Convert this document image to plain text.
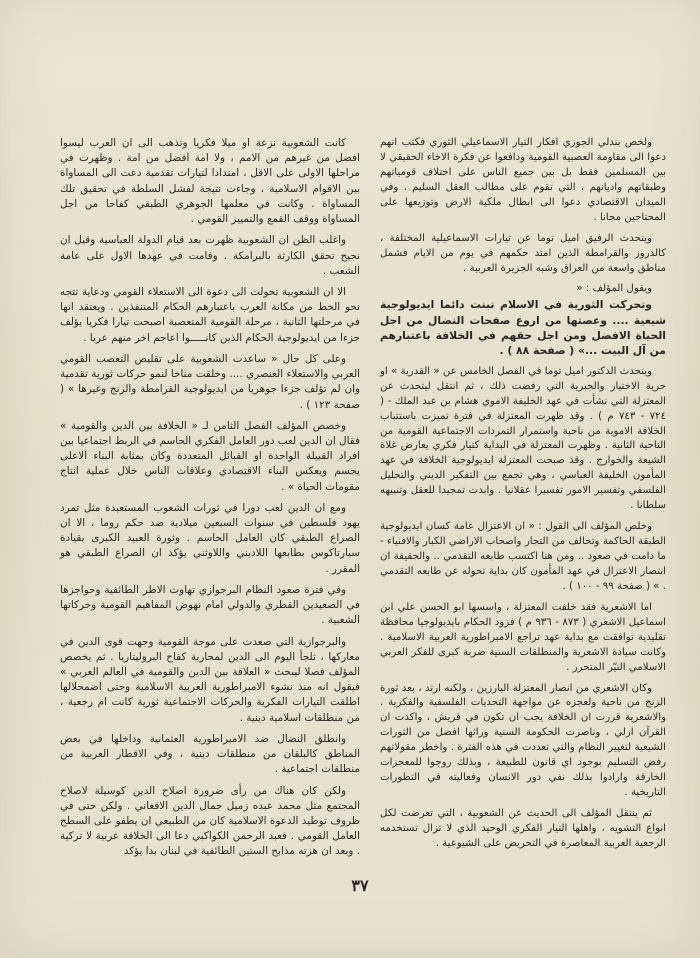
ولخص بندلي الجوزي افكار التيار الاسماعيلي الثوري فكتب انهم دعوا الى مقاومة العصبية القومية ودافعوا عن فكرة الاخاء الحقيقي لا بين المسلمين فقط بل بين جميع الناس على اختلاف قومياتهم وطبقاتهم واديانهم ، التي تقوم على مطالب العقل السليم . وفي الميدان الاقتصادي دعوا الى ابطال ملكية الارض وتوزيعها على المحتاجين مجانا .

ويتحدث الرفيق اميل توما عن تيارات الاسماعيلية المختلفة ، كالدروز والقرامطة الذين امتد حكمهم في يوم من الايام فشمل مناطق واسعة من العراق وشبه الجزيرة العربية .

ويقول المؤلف : «

وتحركت الثورية في الاسلام تبنت دائما ايديولوجية شيعية .... وعصتها من اروع صفحات النضال من اجل الحياة الافضل ومن اجل حقهم في الخلافة باعتبارهم من آل البيت ...» ( صفحة ٨٨ ) .

ويتحدث الدكتور اميل توما في الفصل الخامس عن « القدرية » او حرية الاختيار والجبرية التي رفضت ذلك ، ثم انتقل ليتحدث عن المعتزلة التي نشأت في عهد الخليفة الاموي هشام بن عبد الملك - ( ٧٢٤ - ٧٤٣ م ) . وقد ظهرت المعتزلة في فترة تميزت باستتباب الخلافة الاموية من ناحية واستمرار التمردات الاجتماعية القومية من الناحية الثانية . وظهرت المعتزلة في البداية كتيار فكري يعارض غلاة الشيعة والخوارج . وقد صبحت المعتزلة ايديولوجية الخلافة في عهد المأمون الخليفة العباسي ، وهي تجمع بين التفكير الديني والتحليل الفلسفي وتفسير الامور تفسيرا عقلانيا . وابدت تمجيدا للعقل وتنبيهه سلطانا .

وخلص المؤلف الى القول : « ان الاعتزال عامة كسان ايديولوجية الطبقة الحاكمة وتحالف من التجار واصحاب الاراضي الكبار والافنياء - ما دامت في صعود .. ومن هنا اكتسب طابعه التقدمي .. والحقيقة ان انتصار الاعتزال في عهد المأمون كان بداية تحوله عن طابعه التقدمي . » ( صفحة ٩٩ - ١٠٠ ) .

اما الاشعرية فقد خلفت المعتزلة ، واسسها ابو الحسن علي ابن اسماعيل الاشعري ( ٨٧٣ - ٩٣٦ م ) فزود الحكام بايديولوجيا محافظة تقليدية توافقت مع بداية عهد تراجع الامبراطورية العربية الاسلامية . وكانت سيادة الاشعرية والمنطلقات السنية ضربة كبرى للفكر العربي الاسلامي النيّر المتحرر .

وكان الاشعري من انصار المعتزلة البارزين ، ولكنه ارتد ، بعد ثورة الزنج من ناحية ولعجزه عن مواجهة التحديات الفلسفية والفكرية . والاشعرية قررت ان الخلافة يجب ان تكون في قريش ، واكدت ان القرآن ازلي ، وناصرت الحكومة السنية وراثها افضل من الثورات الشيعية لتغيير النظام والتي تعددت في هذه الفترة . واخطر مقولاتهم رفض التسليم بوجود اي قانون للطبيعة ، وبذلك روجوا للمعجزات الخارقة وارادوا بذلك نفي دور الانسان وفعاليته في التطورات التاريخية .

ثم ينتقل المؤلف الى الحديث عن الشعوبية ، التي تعرضت لكل انواع التشويه ، واهلها التيار الفكري الوحيد الذي لا تزال تستخدمه الرجعية العربية المعاصرة في التحريض على الشيوعية .

كانت الشعوبية نزعة او ميلا فكريا وتذهب الى ان العرب ليسوا افضل من غيرهم من الامم ، ولا امة افضل من امة . وظهرت في مراحلها الاولى على الاقل ، امتدادا لتيارات تقدمية دعت الى المساواة بين الاقوام الاسلامية ، وجاءت نتيجة لفشل السلطة في تحقيق تلك المساواة . وكانت في معلمها الجوهري الطبقي كفاحا من اجل المساواة ووقف القمع والتمييز القومي .

واغلب الظن ان الشعوبية ظهرت بعد قيام الدولة العباسية وقيل ان نجيح تحقق الكارثة بالبرامكة . وفامت في عهدها الاول على عامة الشعب .

الا ان الشعوبية تحولت الى دعوة الى الاستعلاء القومي ودعاية تتجه نحو الحط من مكانة العرب باعتبارهم الحكام المتنفذين . ويعتقد انها في مرحلتها الثانية ، مرحلة القومية المتعصبة اصبحت تيارا فكريا يؤلف جزءا من ايديولوجية الحكام الذين كانـــــوا اعاجم اخر منهم عربا .

وعلى كل حال « ساعدت الشعوبية على تقليص التعصب القومي العربي والاستعلاء العنصري .... وخلقت مناخا لنمو حركات ثورية تقدمية وان لم تؤلف جزءا جوهريا من ايديولوجية القرامطة والزنج وغيرها » ( صفحة ١٢٣ ) .

وخصص المؤلف الفصل الثامن لـ « الخلافة بين الدين والقومية » فقال ان الدين لعب دور العامل الفكري الحاسم في الربط اجتماعيا بين افراد القبيلة الواحدة او القبائل المتعددة وكان بمثابة البناء الاعلى يجسم ويعكس البناء الاقتصادي وعلاقات الناس خلال عملية انتاج مقومات الحياة » .

ومع ان الدين لعب دورا في ثورات الشعوب المستعبدة مثل تمرد يهود فلسطين في سنوات السبعين ميلادية ضد حكم روما ، الا ان الصراع الطبقي كان العامل الحاسم . وثورة العبيد الكبرى بقيادة سبارتاكوس بطابعها اللاديني واللاوثني يؤكد ان الصراع الطبقي هو المقرر .

وفي فترة صعود النظام البرجوازي تهاوت الاطر الطائفية وحواجزها في الصعيدين القطري والدولي امام نهوض المفاهيم القومية وحركاتها الشعبية .

والبرجوازية التي صعدت على موجة القومية وجهت قوى الدين في معاركها ، ثلجأ اليوم الى الدين لمحاربة كفاح البروليتاريا . ثم يخصص المؤلف فصلا ليبحث « العلاقة بين الدين والقومية في العالم العربي » فيقول انه منذ نشوء الامبراطورية العربية الاسلامية وحتى اضمحلالها اطلقت التيارات الفكرية والحركات الاجتماعية ثورية كانت ام رجعية ، من منطلقات اسلامية دينية .

وانطلق النضال ضد الامبراطورية العثمانية وداخلها في بعض المناطق كالبلقان من منطلقات دينية ، وفي الاقطار العربية من منطلقات اجتماعية .

ولكن كان هناك من رأى ضرورة اصلاح الدين كوسيلة لاصلاح المجتمع مثل محمد عبده زميل جمال الدين الافغاني . ولكن حتى في ظروف توطيد الدعوة الاسلامية كان من الطبيعي ان يطفو على السطح العامل القومي . فعبد الرحمن الكواكبي دعا الى الخلافة عربية لا تركية . وبعد ان هزته مذابح الستين الطائفية في لبنان بدا يؤكد

٣٧
